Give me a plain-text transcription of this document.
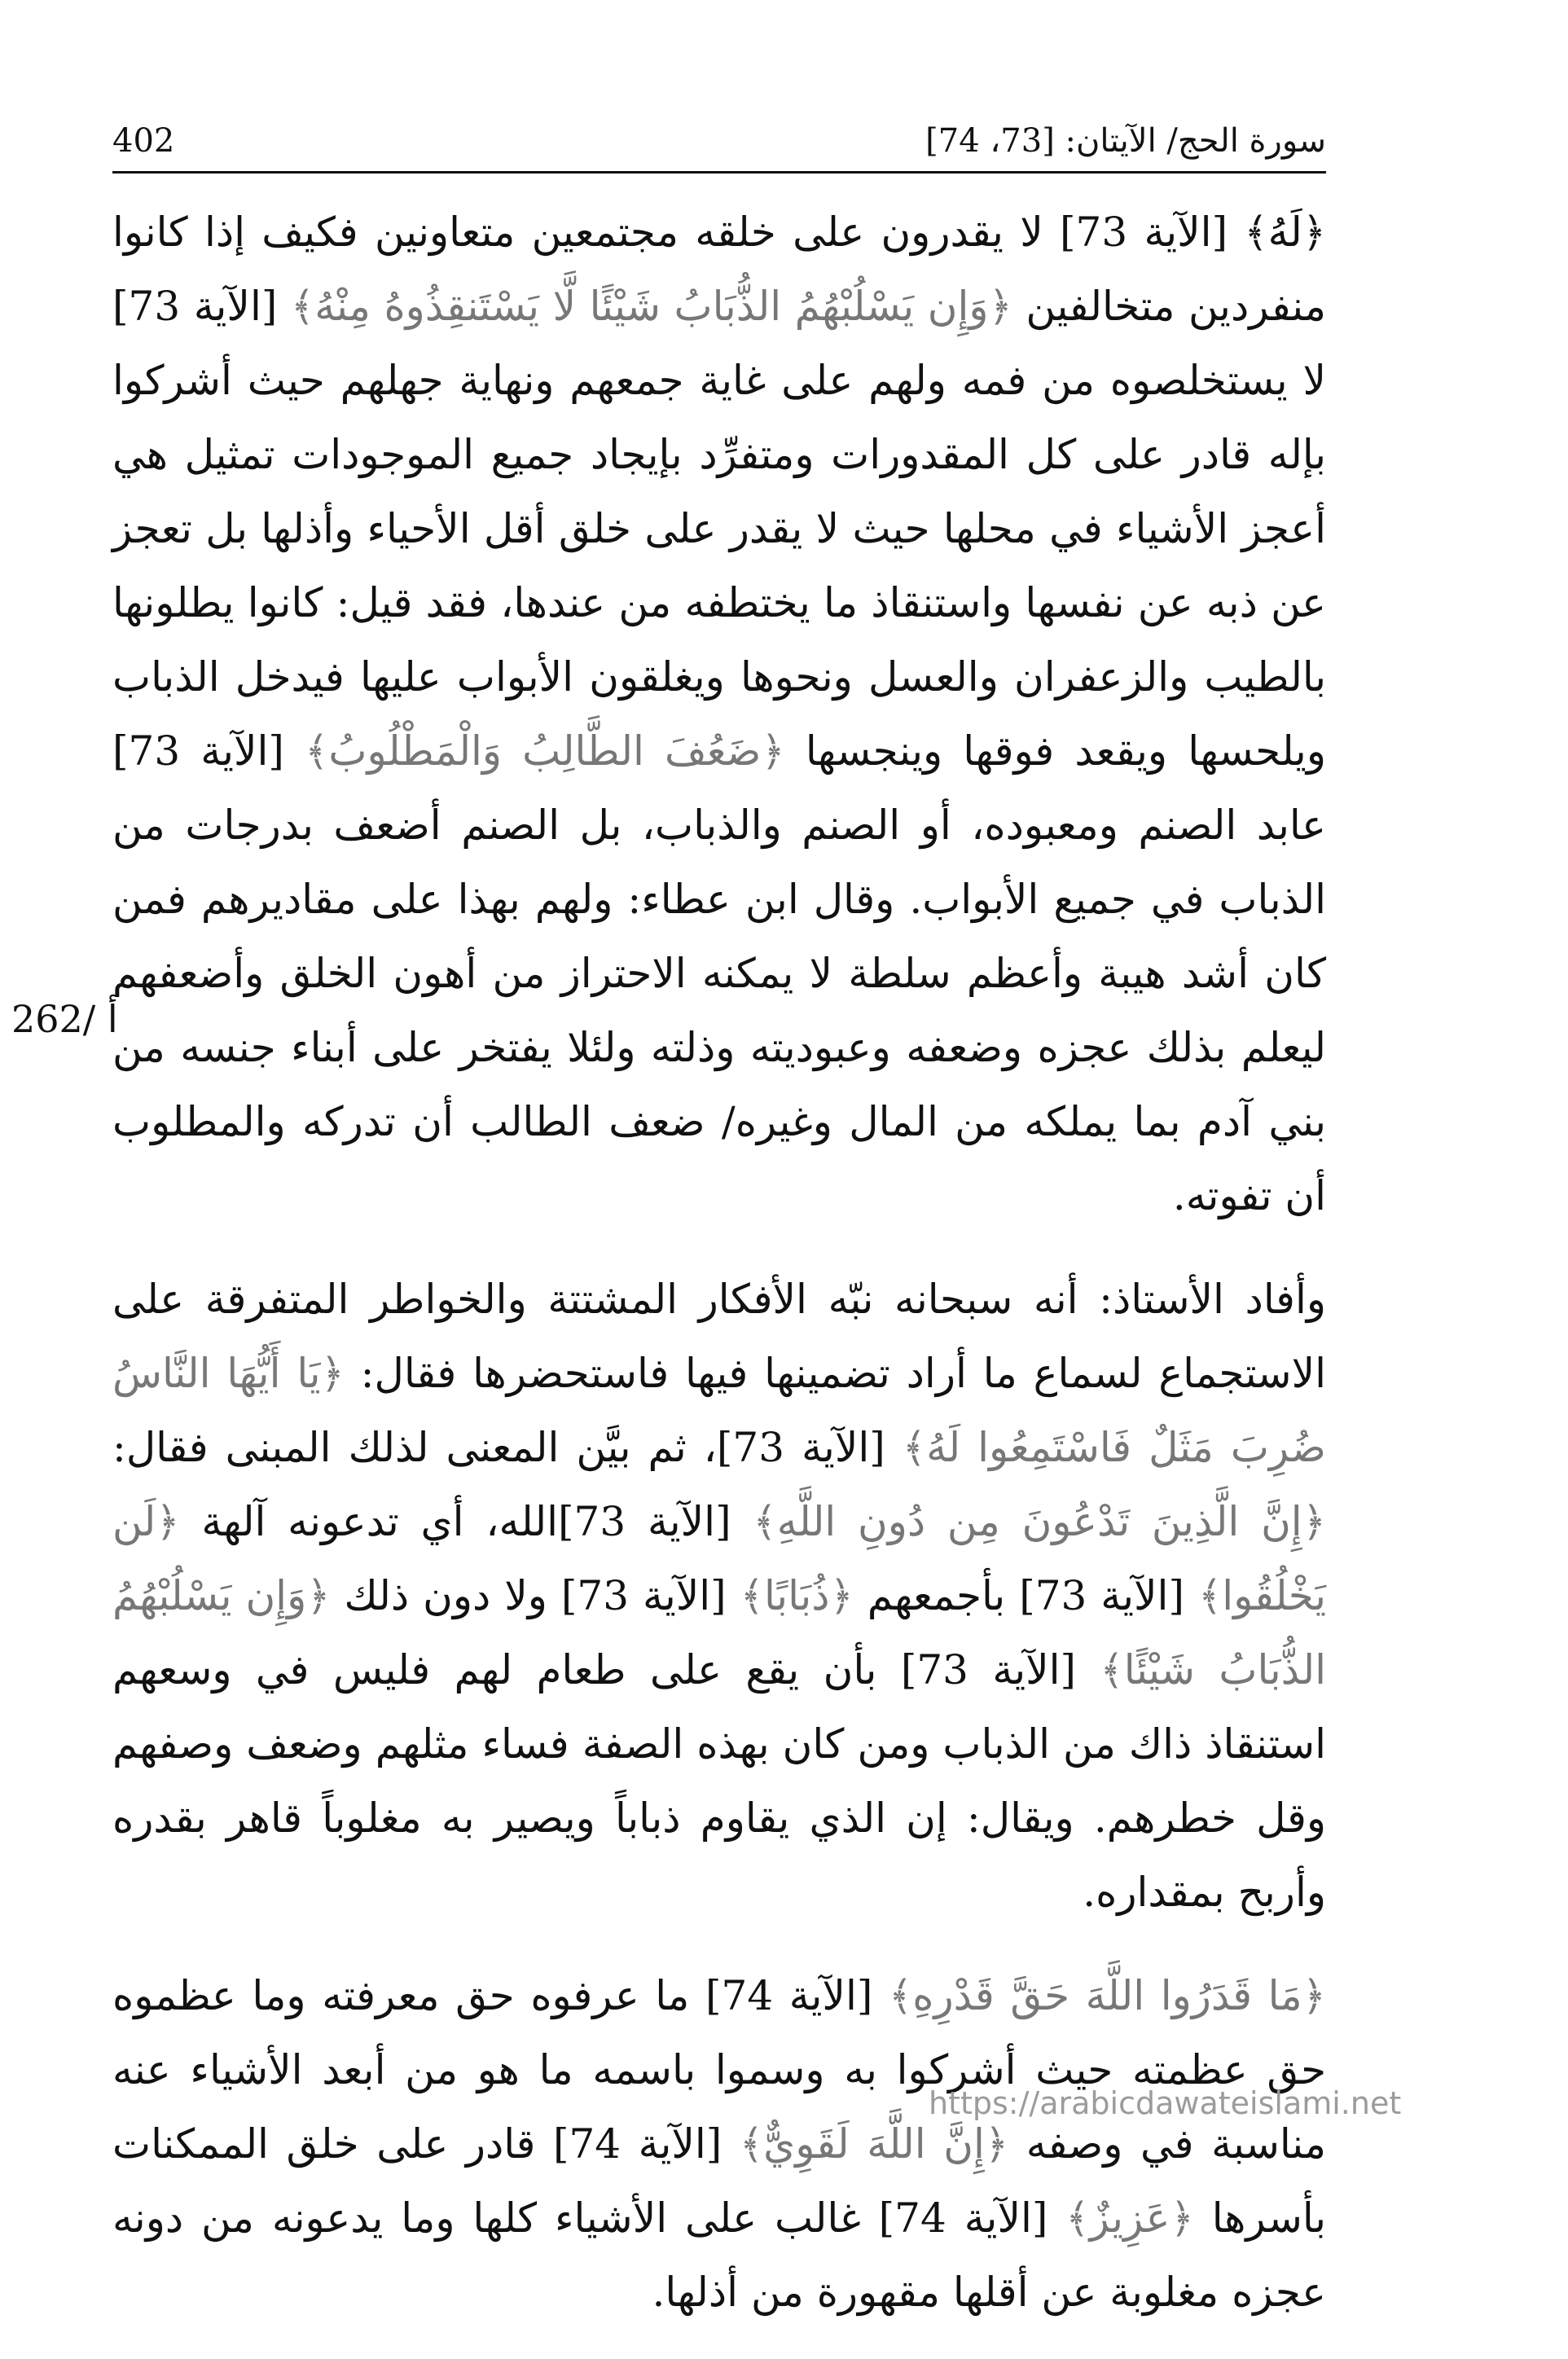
402	سورة الحج/ الآيتان: [73، 74]
262/ أ

﴿لَهُ﴾ [الآية 73] لا يقدرون على خلقه مجتمعين متعاونين فكيف إذا كانوا منفردين متخالفين ﴿وَإِن يَسْلُبْهُمُ الذُّبَابُ شَيْئًا لَّا يَسْتَنقِذُوهُ مِنْهُ﴾ [الآية 73] لا يستخلصوه من فمه ولهم على غاية جمعهم ونهاية جهلهم حيث أشركوا بإله قادر على كل المقدورات ومتفرِّد بإيجاد جميع الموجودات تمثيل هي أعجز الأشياء في محلها حيث لا يقدر على خلق أقل الأحياء وأذلها بل تعجز عن ذبه عن نفسها واستنقاذ ما يختطفه من عندها، فقد قيل: كانوا يطلونها بالطيب والزعفران والعسل ونحوها ويغلقون الأبواب عليها فيدخل الذباب ويلحسها ويقعد فوقها وينجسها ﴿ضَعُفَ الطَّالِبُ وَالْمَطْلُوبُ﴾ [الآية 73] عابد الصنم ومعبوده، أو الصنم والذباب، بل الصنم أضعف بدرجات من الذباب في جميع الأبواب. وقال ابن عطاء: ولهم بهذا على مقاديرهم فمن كان أشد هيبة وأعظم سلطة لا يمكنه الاحتراز من أهون الخلق وأضعفهم ليعلم بذلك عجزه وضعفه وعبوديته وذلته ولئلا يفتخر على أبناء جنسه من بني آدم بما يملكه من المال وغيره/ ضعف الطالب أن تدركه والمطلوب أن تفوته.

وأفاد الأستاذ: أنه سبحانه نبّه الأفكار المشتتة والخواطر المتفرقة على الاستجماع لسماع ما أراد تضمينها فيها فاستحضرها فقال: ﴿يَا أَيُّهَا النَّاسُ ضُرِبَ مَثَلٌ فَاسْتَمِعُوا لَهُ﴾ [الآية 73]، ثم بيَّن المعنى لذلك المبنى فقال: ﴿إِنَّ الَّذِينَ تَدْعُونَ مِن دُونِ اللَّهِ﴾ [الآية 73]الله، أي تدعونه آلهة ﴿لَن يَخْلُقُوا﴾ [الآية 73] بأجمعهم ﴿ذُبَابًا﴾ [الآية 73] ولا دون ذلك ﴿وَإِن يَسْلُبْهُمُ الذُّبَابُ شَيْئًا﴾ [الآية 73] بأن يقع على طعام لهم فليس في وسعهم استنقاذ ذاك من الذباب ومن كان بهذه الصفة فساء مثلهم وضعف وصفهم وقل خطرهم. ويقال: إن الذي يقاوم ذباباً ويصير به مغلوباً قاهر بقدره وأربح بمقداره.

﴿مَا قَدَرُوا اللَّهَ حَقَّ قَدْرِهِ﴾ [الآية 74] ما عرفوه حق معرفته وما عظموه حق عظمته حيث أشركوا به وسموا باسمه ما هو من أبعد الأشياء عنه مناسبة في وصفه ﴿إِنَّ اللَّهَ لَقَوِيٌّ﴾ [الآية 74] قادر على خلق الممكنات بأسرها ﴿عَزِيزٌ﴾ [الآية 74] غالب على الأشياء كلها وما يدعونه من دونه عجزه مغلوبة عن أقلها مقهورة من أذلها.

https://arabicdawateislami.net
